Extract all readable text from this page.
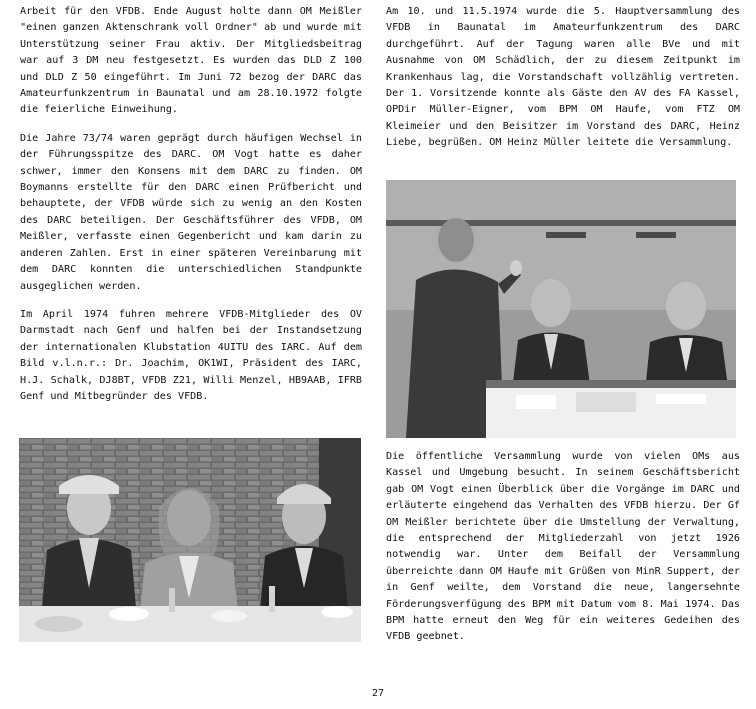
Arbeit für den VFDB. Ende August holte dann OM Meißler "einen ganzen Aktenschrank voll Ordner" ab und wurde mit Unterstützung seiner Frau aktiv. Der Mitgliedsbeitrag war auf 3 DM neu festgesetzt. Es wurden das DLD Z 100 und DLD Z 50 eingeführt. Im Juni 72 bezog der DARC das Amateurfunkzentrum in Baunatal und am 28.10.1972 folgte die feierliche Einweihung.

Die Jahre 73/74 waren geprägt durch häufigen Wechsel in der Führungsspitze des DARC. OM Vogt hatte es daher schwer, immer den Konsens mit dem DARC zu finden. OM Boymanns erstellte für den DARC einen Prüfbericht und behauptete, der VFDB würde sich zu wenig an den Kosten des DARC beteiligen. Der Geschäftsführer des VFDB, OM Meißler, verfasste einen Gegenbericht und kam darin zu anderen Zahlen. Erst in einer späteren Vereinbarung mit dem DARC konnten die unterschiedlichen Standpunkte ausgeglichen werden.

Im April 1974 fuhren mehrere VFDB-Mitglieder des OV Darmstadt nach Genf und halfen bei der Instandsetzung der internationalen Klubstation 4UITU des IARC. Auf dem Bild v.l.n.r.: Dr. Joachim, OK1WI, Präsident des IARC, H.J. Schalk, DJ8BT, VFDB Z21, Willi Menzel, HB9AAB, IFRB Genf und Mitbegründer des VFDB.

Am 10. und 11.5.1974 wurde die 5. Hauptversammlung des VFDB in Baunatal im Amateurfunkzentrum des DARC durchgeführt. Auf der Tagung waren alle BVe und mit Ausnahme von OM Schädlich, der zu diesem Zeitpunkt im Krankenhaus lag, die Vorstandschaft vollzählig vertreten. Der 1. Vorsitzende konnte als Gäste den AV des FA Kassel, OPDir Müller-Eigner, vom BPM OM Haufe, vom FTZ OM Kleimeier und den Beisitzer im Vorstand des DARC, Heinz Liebe, begrüßen. OM Heinz Müller leitete die Versammlung.

Die öffentliche Versammlung wurde von vielen OMs aus Kassel und Umgebung besucht. In seinem Geschäftsbericht gab OM Vogt einen Überblick über die Vorgänge im DARC und erläuterte eingehend das Verhalten des VFDB hierzu. Der Gf OM Meißler berichtete über die Umstellung der Verwaltung, die entsprechend der Mitgliederzahl von jetzt 1926 notwendig war. Unter dem Beifall der Versammlung überreichte dann OM Haufe mit Grüßen von MinR Suppert, der in Genf weilte, dem Vorstand die neue, langersehnte Förderungsverfügung des BPM mit Datum vom 8. Mai 1974. Das BPM hatte erneut den Weg für ein weiteres Gedeihen des VFDB geebnet.

27
